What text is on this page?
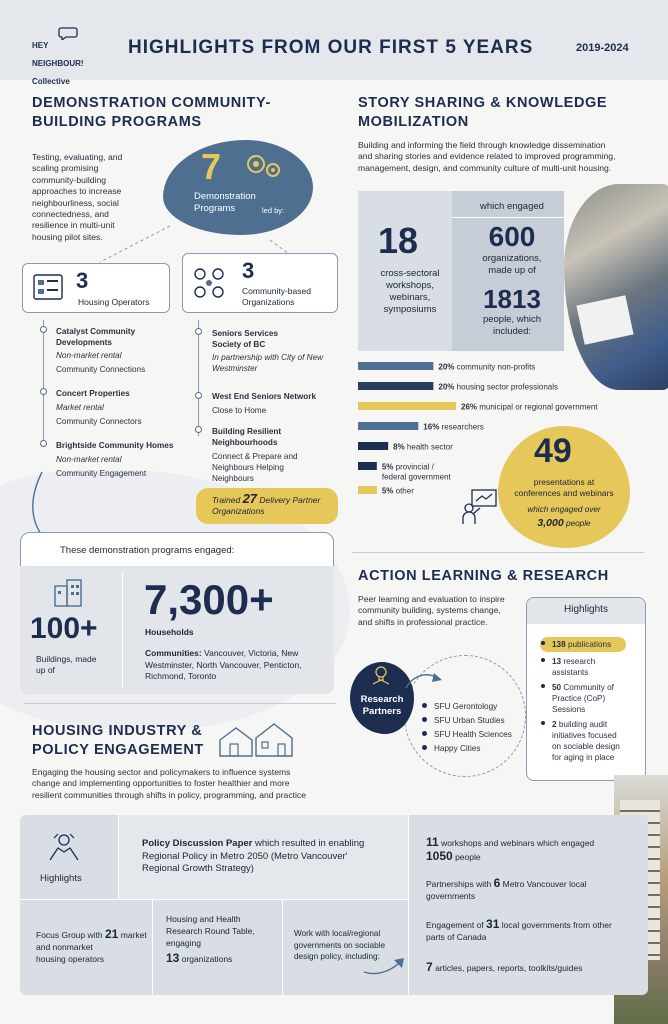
HEY

NEIGHBOUR!

Collective

HIGHLIGHTS FROM OUR FIRST 5 YEARS	2019-2024
DEMONSTRATION COMMUNITY-
BUILDING PROGRAMS
Testing, evaluating, and
scaling promising
community-building
approaches to increase
neighbourliness, social
connectedness, and
resilience in multi-unit
housing pilot sites.
7
Demonstration
Programs	led by:
3
Housing Operators
Catalyst Community
Developments
Non-market rental
Community Connections
Concert Properties
Market rental
Community Connectors
Brightside Community Homes
Non-market rental
Community Engagement
3
Community-based
Organizations
Seniors Services
Society of BC
In partnership with City of New
Westminster
West End Seniors Network
Close to Home
Building Resilient
Neighbourhoods
Connect & Prepare and
Neighbours Helping
Neighbours
Trained 27 Delivery Partner
Organizations
These demonstration programs engaged:
100+
Buildings, made
up of
7,300+
Households
Communities: Vancouver, Victoria, New
Westminster, North Vancouver, Penticton,
Richmond, Toronto
STORY SHARING & KNOWLEDGE
MOBILIZATION
Building and informing the field through knowledge dissemination
and sharing stories and evidence related to improved programming,
management, design, and community culture of multi-unit housing.
18
cross-sectoral
workshops,
webinars,
symposiums
which engaged
600
organizations,
made up of
1813
people, which
included:
20% community non-profits
20% housing sector professionals
26% municipal or regional government
16% researchers
8% health sector
5% provincial /
federal government
5% other
49
presentations at
conferences and webinars
which engaged over
3,000 people
ACTION LEARNING & RESEARCH
Peer learning and evaluation to inspire
community building, systems change,
and shifts in professional practice.
Research
Partners	SFU Gerontology
SFU Urban Studies
SFU Health Sciences
Happy Cities
Highlights
138 publications
13 research
assistants
50 Community of
Practice (CoP)
Sessions
2 building audit
initiatives focused
on sociable design
for aging in place
HOUSING INDUSTRY &
POLICY ENGAGEMENT
Engaging the housing sector and policymakers to influence systems
change and implementing opportunities to foster healthier and more
resilient communities through shifts in policy, programming, and practice
Highlights
Policy Discussion Paper which resulted in enabling
Regional Policy in Metro 2050 (Metro Vancouver'
Regional Growth Strategy)
Focus Group with 21 market and nonmarket
housing operators
Housing and Health
Research Round Table,
engaging
13 organizations
Work with local/regional
governments on sociable
design policy, including:
11 workshops and webinars which engaged
1050 people
Partnerships with 6 Metro Vancouver local
governments
Engagement of 31 local governments from other
parts of Canada
7 articles, papers, reports, toolkits/guides
